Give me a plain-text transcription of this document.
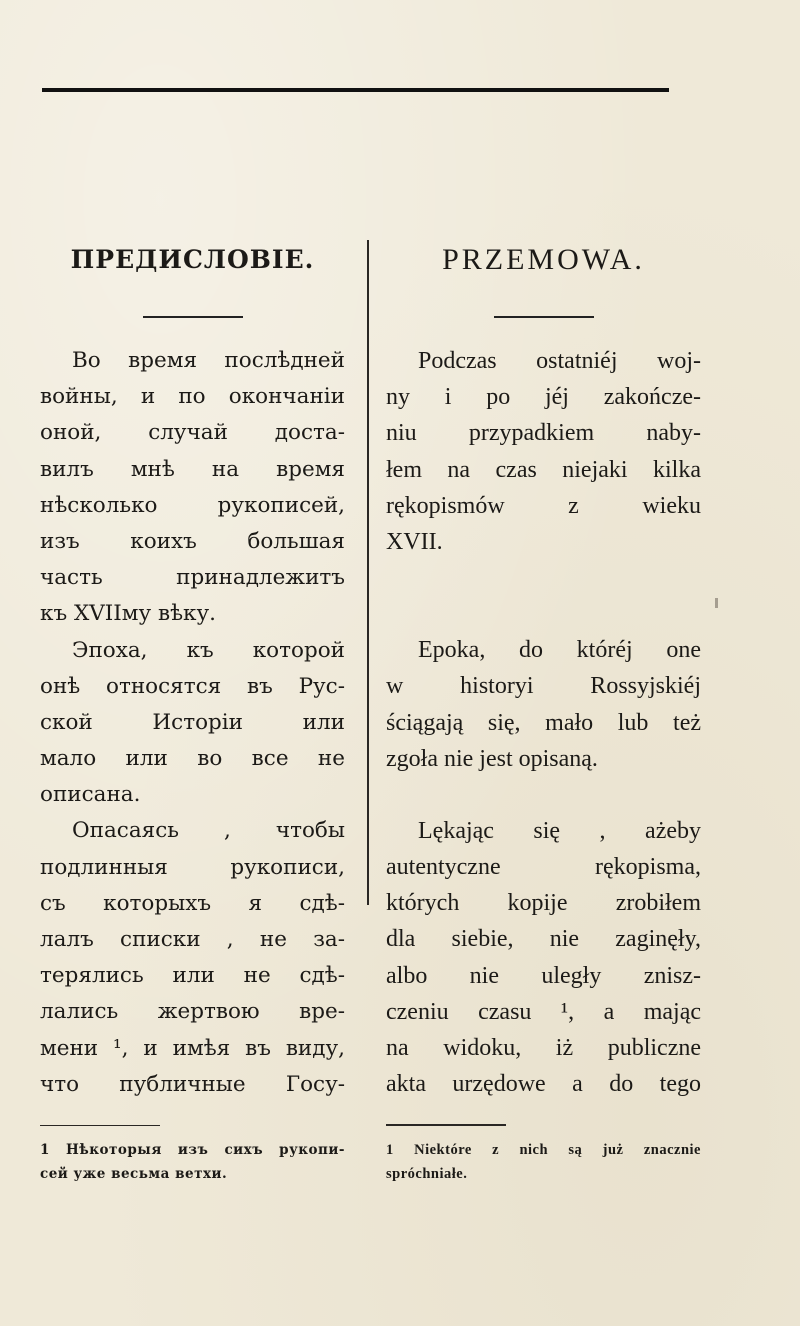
ПРЕДИСЛОВІЕ.
Во время послѣдней
войны, и по окончаніи
оной, случай доста-
вилъ мнѣ на время
нѣсколько рукописей,
изъ коихъ большая
часть принадлежитъ
къ XVIIму вѣку.
Эпоха, къ которой
онѣ относятся въ Рус-
ской Исторіи или
мало или во все не
описана.
Опасаясь , чтобы
подлинныя рукописи,
съ которыхъ я сдѣ-
лалъ списки , не за-
терялись или не сдѣ-
лались жертвою вре-
мени ¹, и имѣя въ виду,
что публичные Госу-
1 Нѣкоторыя изъ сихъ рукопи-
сей уже весьма ветхи.
PRZEMOWA.
Podczas ostatniéj woj-
ny i po jéj zakończe-
niu przypadkiem naby-
łem na czas niejaki kilka
rękopismów z wieku
XVII.
Epoka, do któréj one
w historyi Rossyjskiéj
ściągają się, mało lub też
zgoła nie jest opisaną.
Lękając się , ażeby
autentyczne rękopisma,
których kopije zrobiłem
dla siebie, nie zaginęły,
albo nie uległy znisz-
czeniu czasu ¹, a mając
na widoku, iż publiczne
akta urzędowe a do tego
1 Niektóre z nich są już znacznie
spróchniałe.
